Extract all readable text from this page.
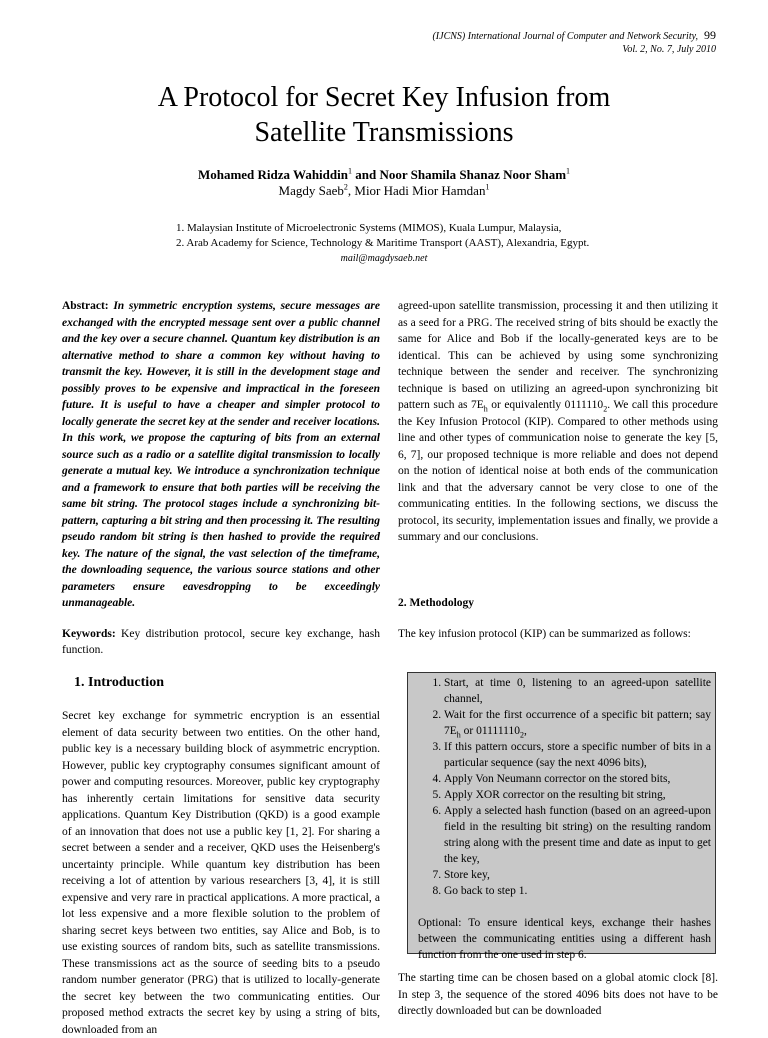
(IJCNS) International Journal of Computer and Network Security, 99
Vol. 2, No. 7, July 2010
A Protocol for Secret Key Infusion from
Satellite Transmissions
Mohamed Ridza Wahiddin$^1$ and Noor Shamila Shanaz Noor Sham$^1$
Magdy Saeb$^2$, Mior Hadi Mior Hamdan$^1$
1. Malaysian Institute of Microelectronic Systems (MIMOS), Kuala Lumpur, Malaysia,
2. Arab Academy for Science, Technology & Maritime Transport (AAST), Alexandria, Egypt.
mail@magdysaeb.net

Abstract: In symmetric encryption systems, secure messages are exchanged with the encrypted message sent over a public channel and the key over a secure channel. Quantum key distribution is an alternative method to share a common key without having to transmit the key. However, it is still in the development stage and possibly proves to be expensive and impractical in the foreseen future. It is useful to have a cheaper and simpler protocol to locally generate the secret key at the sender and receiver locations. In this work, we propose the capturing of bits from an external source such as a radio or a satellite digital transmission to locally generate a mutual key. We introduce a synchronization technique and a framework to ensure that both parties will be receiving the same bit string. The protocol stages include a synchronizing bit-pattern, capturing a bit string and then processing it. The resulting pseudo random bit string is then hashed to provide the required key. The nature of the signal, the vast selection of the timeframe, the downloading sequence, the various source stations and other parameters ensure eavesdropping to be exceedingly unmanageable.

Keywords: Key distribution protocol, secure key exchange, hash function.

1. Introduction

Secret key exchange for symmetric encryption is an essential element of data security between two entities. On the other hand, public key is a necessary building block of asymmetric encryption. However, public key cryptography consumes significant amount of power and computing resources. Moreover, public key cryptography has inherently certain limitations for sensitive data security applications. Quantum Key Distribution (QKD) is a good example of an innovation that does not use a public key [1, 2]. For sharing a secret between a sender and a receiver, QKD uses the Heisenberg's uncertainty principle. While quantum key distribution has been receiving a lot of attention by various researchers [3, 4], it is still expensive and very rare in practical applications. A more practical, a lot less expensive and a more flexible solution to the problem of sharing secret keys between two entities, say Alice and Bob, is to use existing sources of random bits, such as satellite transmissions. These transmissions act as the source of seeding bits to a pseudo random number generator (PRG) that is utilized to locally-generate the secret key between the two communicating entities. Our proposed method extracts the secret key by using a string of bits, downloaded from an

agreed-upon satellite transmission, processing it and then utilizing it as a seed for a PRG. The received string of bits should be exactly the same for Alice and Bob if the locally-generated keys are to be identical. This can be achieved by using some synchronizing technique between the sender and receiver. The synchronizing technique is based on utilizing an agreed-upon synchronizing bit pattern such as $7E_h$ or equivalently $0111110_2$. We call this procedure the Key Infusion Protocol (KIP). Compared to other methods using line and other types of communication noise to generate the key [5, 6, 7], our proposed technique is more reliable and does not depend on the notion of identical noise at both ends of the communication link and that the adversary cannot be very close to one of the communicating entities. In the following sections, we discuss the protocol, its security, implementation issues and finally, we provide a summary and our conclusions.

2. Methodology

The key infusion protocol (KIP) can be summarized as follows:

1. Start, at time 0, listening to an agreed-upon satellite channel,
2. Wait for the first occurrence of a specific bit pattern; say $7E_h$ or $01111110_2$,
3. If this pattern occurs, store a specific number of bits in a particular sequence (say the next 4096 bits),
4. Apply Von Neumann corrector on the stored bits,
5. Apply XOR corrector on the resulting bit string,
6. Apply a selected hash function (based on an agreed-upon field in the resulting bit string) on the resulting random string along with the present time and date as input to get the key,
7. Store key,
8. Go back to step 1.

Optional: To ensure identical keys, exchange their hashes between the communicating entities using a different hash function from the one used in step 6.

The starting time can be chosen based on a global atomic clock [8]. In step 3, the sequence of the stored 4096 bits does not have to be directly downloaded but can be downloaded
